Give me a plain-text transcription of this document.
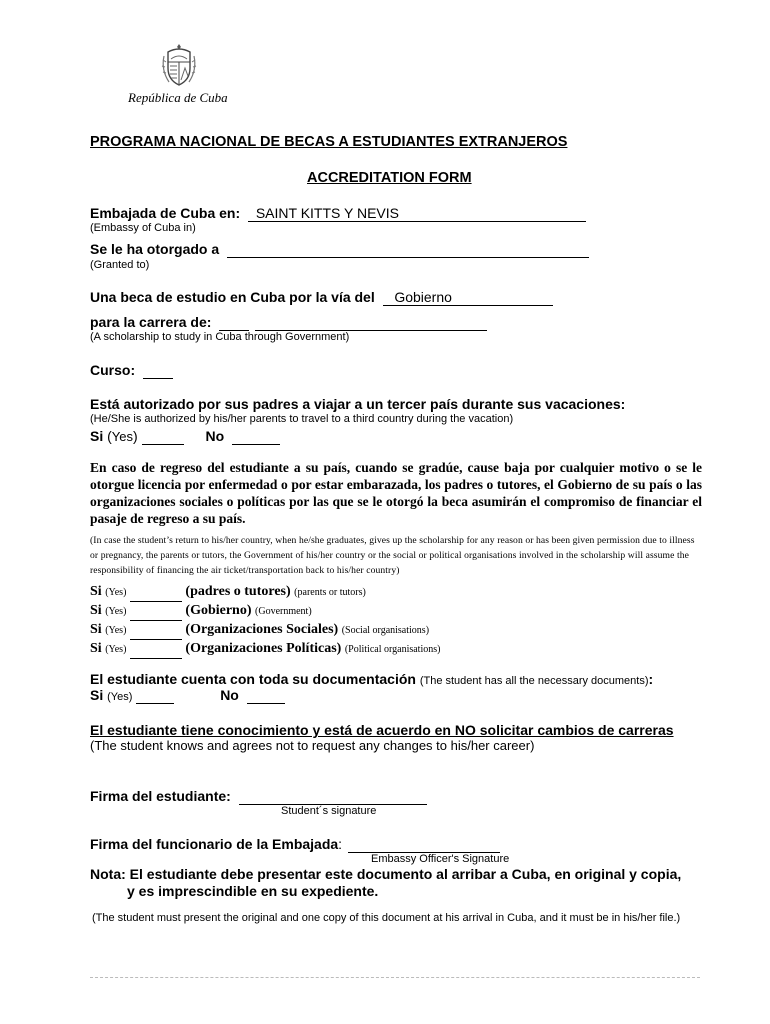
República de Cuba
PROGRAMA NACIONAL DE BECAS A ESTUDIANTES EXTRANJEROS
ACCREDITATION FORM
Embajada de Cuba en: SAINT KITTS Y NEVIS
(Embassy of Cuba in)
Se le ha otorgado a
(Granted to)
Una beca de estudio en Cuba por la vía del Gobierno
para la carrera de:
(A scholarship to study in Cuba through Government)
Curso:
Está autorizado por sus padres a viajar a un tercer país durante sus vacaciones:
(He/She is authorized by his/her parents to travel to a third country during the vacation)
Si (Yes)	No

En caso de regreso del estudiante a su país, cuando se gradúe, cause baja por cualquier motivo o se le otorgue licencia por enfermedad o por estar embarazada, los padres o tutores, el Gobierno de su país o las organizaciones sociales o políticas por las que se le otorgó la beca asumirán el compromiso de financiar el pasaje de regreso a su país.

(In case the student’s return to his/her country, when he/she graduates, gives up the scholarship for any reason or has been given permission due to illness or pregnancy, the parents or tutors, the Government of his/her country or the social or political organisations involved in the scholarship will assume the responsibility of financing the air ticket/transportation back to his/her country)

Si (Yes)	(padres o tutores) (parents or tutors)
Si (Yes)	(Gobierno) (Government)
Si (Yes)	(Organizaciones Sociales) (Social organisations)
Si (Yes)	(Organizaciones Políticas) (Political organisations)
El estudiante cuenta con toda su documentación (The student has all the necessary documents):
Si (Yes)	No
El estudiante tiene conocimiento y está de acuerdo en NO solicitar cambios de carreras
(The student knows and agrees not to request any changes to his/her career)
Firma del estudiante:
Student´s signature
Firma del funcionario de la Embajada:
Embassy Officer's Signature
Nota: El estudiante debe presentar este documento al arribar a Cuba, en original y copia,
y es imprescindible en su expediente.
(The student must present the original and one copy of this document at his arrival in Cuba, and it must be in his/her file.)
